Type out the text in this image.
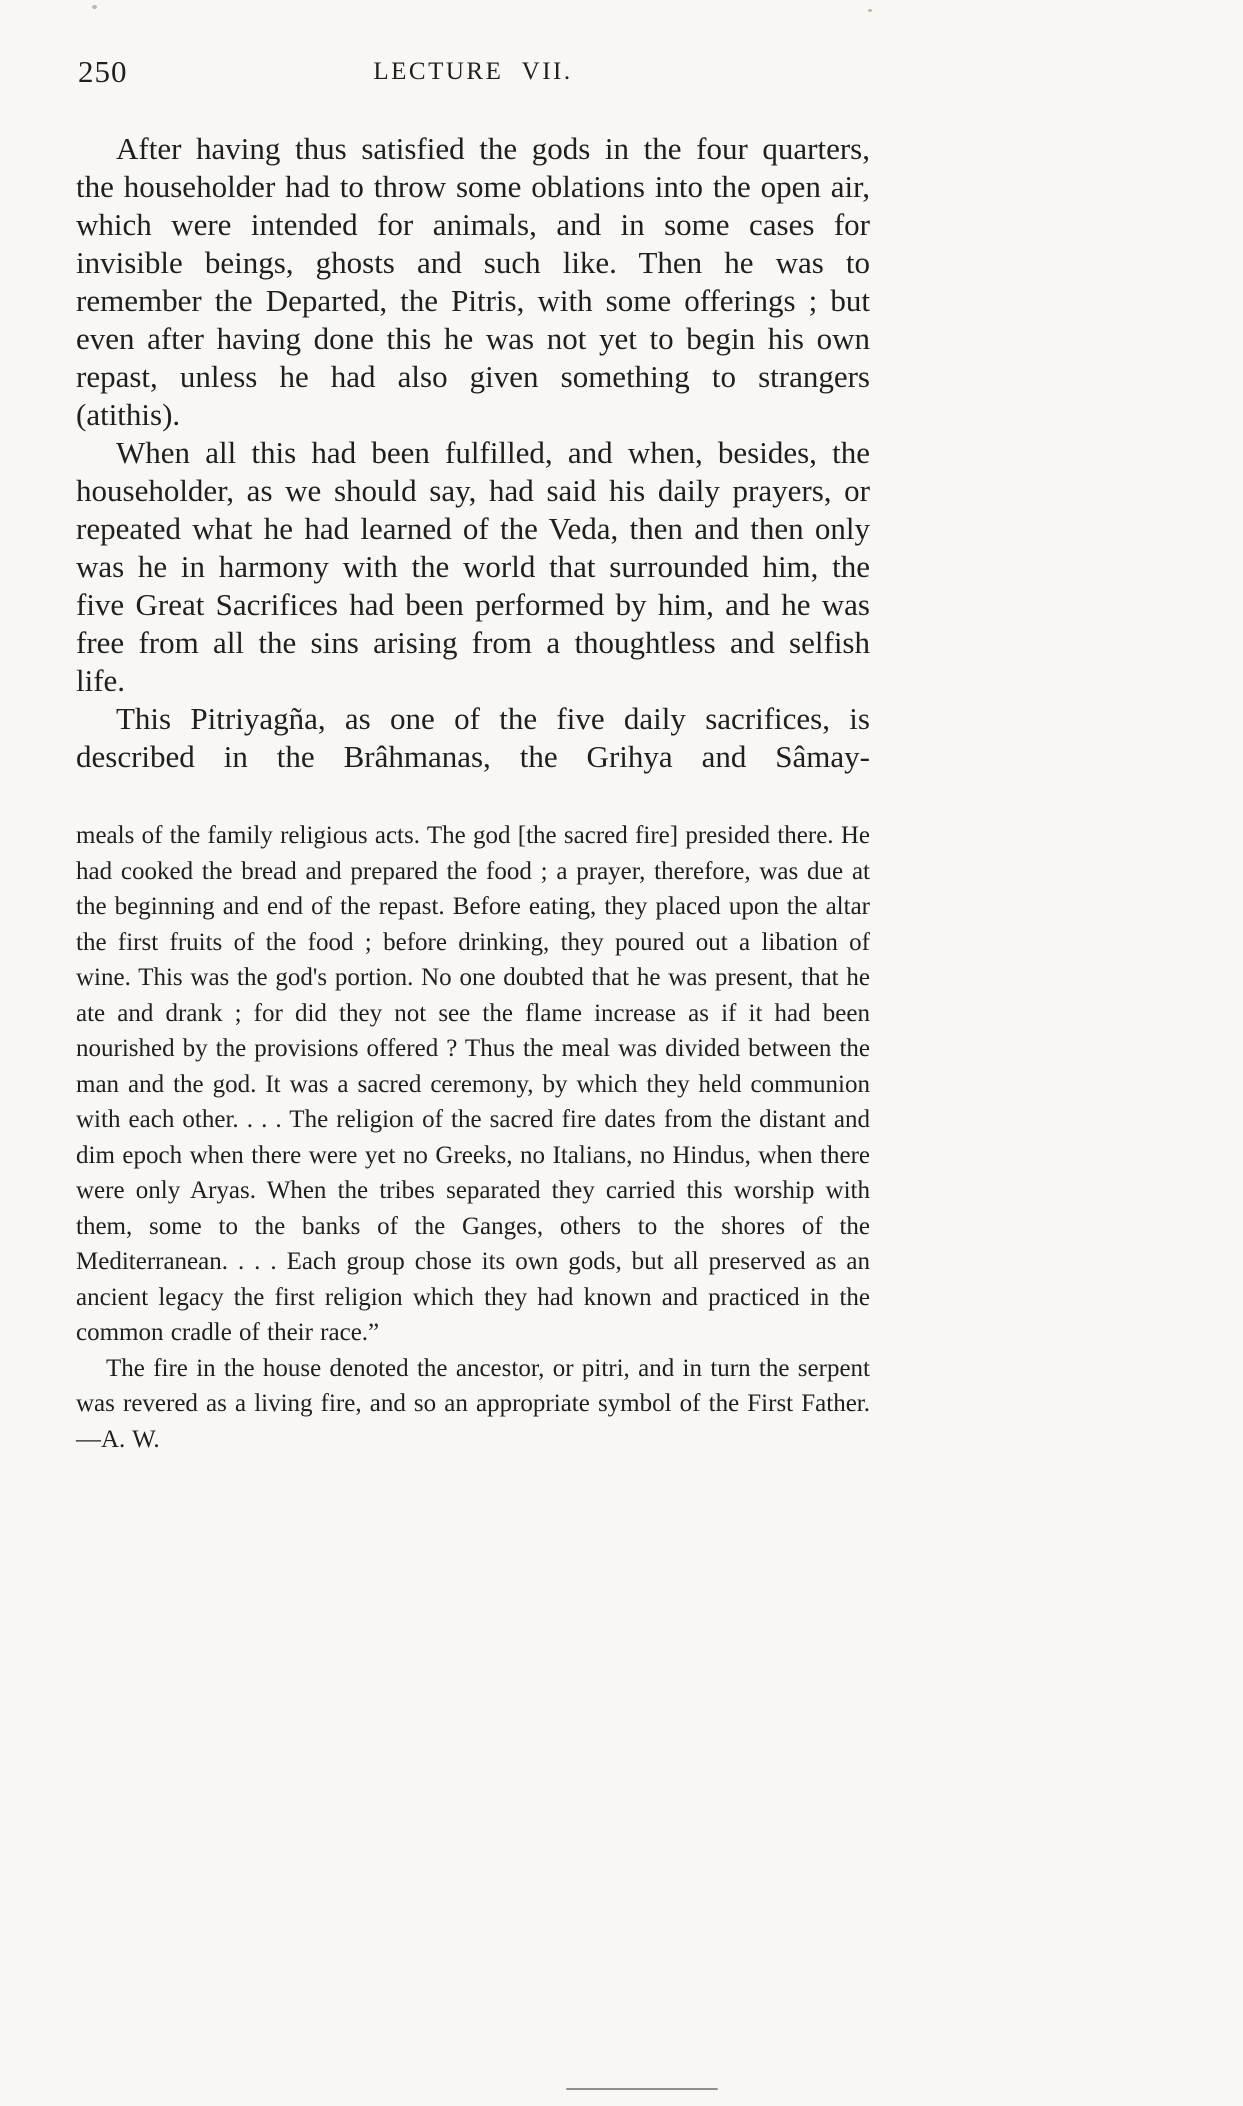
250	LECTURE VII.

After having thus satisfied the gods in the four quarters, the householder had to throw some oblations into the open air, which were intended for animals, and in some cases for invisible beings, ghosts and such like. Then he was to remember the Departed, the Pitris, with some offerings ; but even after having done this he was not yet to begin his own repast, unless he had also given something to strangers (atithis).

When all this had been fulfilled, and when, besides, the householder, as we should say, had said his daily prayers, or repeated what he had learned of the Veda, then and then only was he in harmony with the world that surrounded him, the five Great Sacrifices had been performed by him, and he was free from all the sins arising from a thoughtless and selfish life.

This Pitriyagña, as one of the five daily sacrifices, is described in the Brâhmanas, the Grihya and Sâmay-

meals of the family religious acts. The god [the sacred fire] presided there. He had cooked the bread and prepared the food ; a prayer, therefore, was due at the beginning and end of the repast. Before eating, they placed upon the altar the first fruits of the food ; before drinking, they poured out a libation of wine. This was the god's portion. No one doubted that he was present, that he ate and drank ; for did they not see the flame increase as if it had been nourished by the provisions offered ? Thus the meal was divided between the man and the god. It was a sacred ceremony, by which they held communion with each other. . . . The religion of the sacred fire dates from the distant and dim epoch when there were yet no Greeks, no Italians, no Hindus, when there were only Aryas. When the tribes separated they carried this worship with them, some to the banks of the Ganges, others to the shores of the Mediterranean. . . . Each group chose its own gods, but all preserved as an ancient legacy the first religion which they had known and practiced in the common cradle of their race.”

The fire in the house denoted the ancestor, or pitri, and in turn the serpent was revered as a living fire, and so an appropriate symbol of the First Father.—A. W.
